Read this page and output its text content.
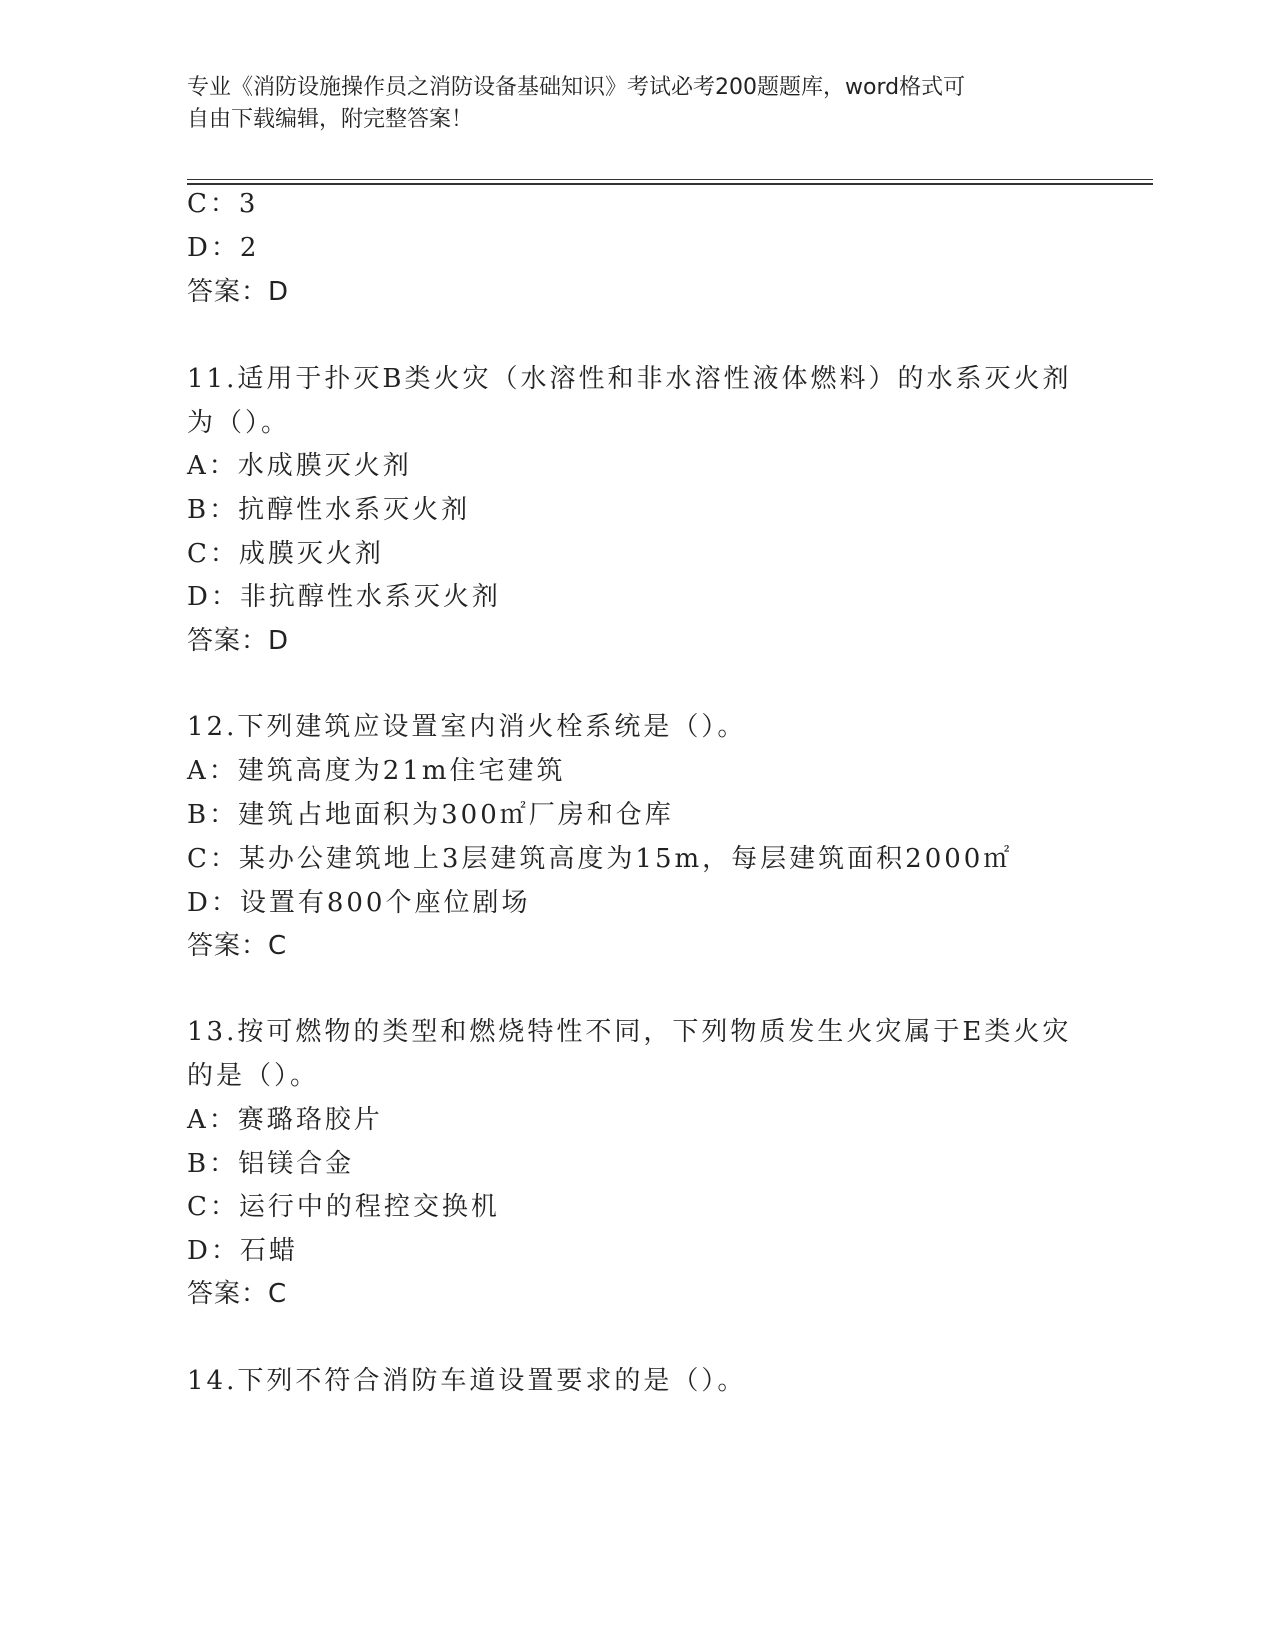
专业《消防设施操作员之消防设备基础知识》考试必考200题题库，word格式可
自由下载编辑，附完整答案！
C：3
D：2
答案：D
11.适用于扑灭B类火灾（水溶性和非水溶性液体燃料）的水系灭火剂
为（）。
A：水成膜灭火剂
B：抗醇性水系灭火剂
C：成膜灭火剂
D：非抗醇性水系灭火剂
答案：D
12.下列建筑应设置室内消火栓系统是（）。
A：建筑高度为21m住宅建筑
B：建筑占地面积为300㎡厂房和仓库
C：某办公建筑地上3层建筑高度为15m，每层建筑面积2000㎡
D：设置有800个座位剧场
答案：C
13.按可燃物的类型和燃烧特性不同，下列物质发生火灾属于E类火灾
的是（）。
A：赛璐珞胶片
B：铝镁合金
C：运行中的程控交换机
D：石蜡
答案：C
14.下列不符合消防车道设置要求的是（）。
